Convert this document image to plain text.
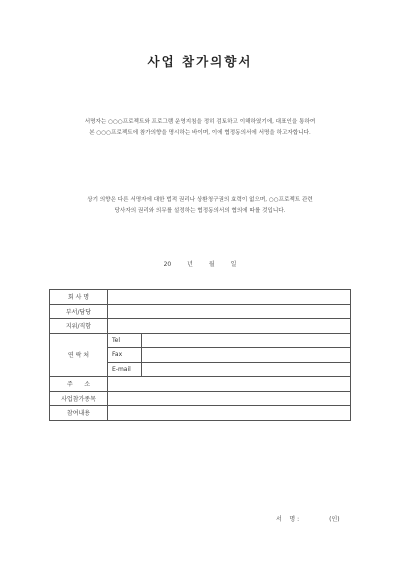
사업 참가의향서
서명자는 ○○○프로젝트와 프로그램 운영지침을 정히 검토하고 이해하였기에, 대표인을 통하여
본 ○○○프로젝트에 참가의향을 명시하는 바이며, 이에 협정동의서에 서명을 하고자합니다.
상기 의향은 다른 서명자에 대한 법적 권리나 상환청구권의 효력이 없으며, ○○프로젝트 관련
당사자의 권리와 의무를 설정하는 협정동의서의 협의에 따를 것입니다.
20	년	월	일
회 사 명		
부서/담당		
지위/직함		
연 락 처	Tel	
	Fax	
	E-mail	
주      소		
사업참가종목		
참여내용		
서    명 :	(인)
